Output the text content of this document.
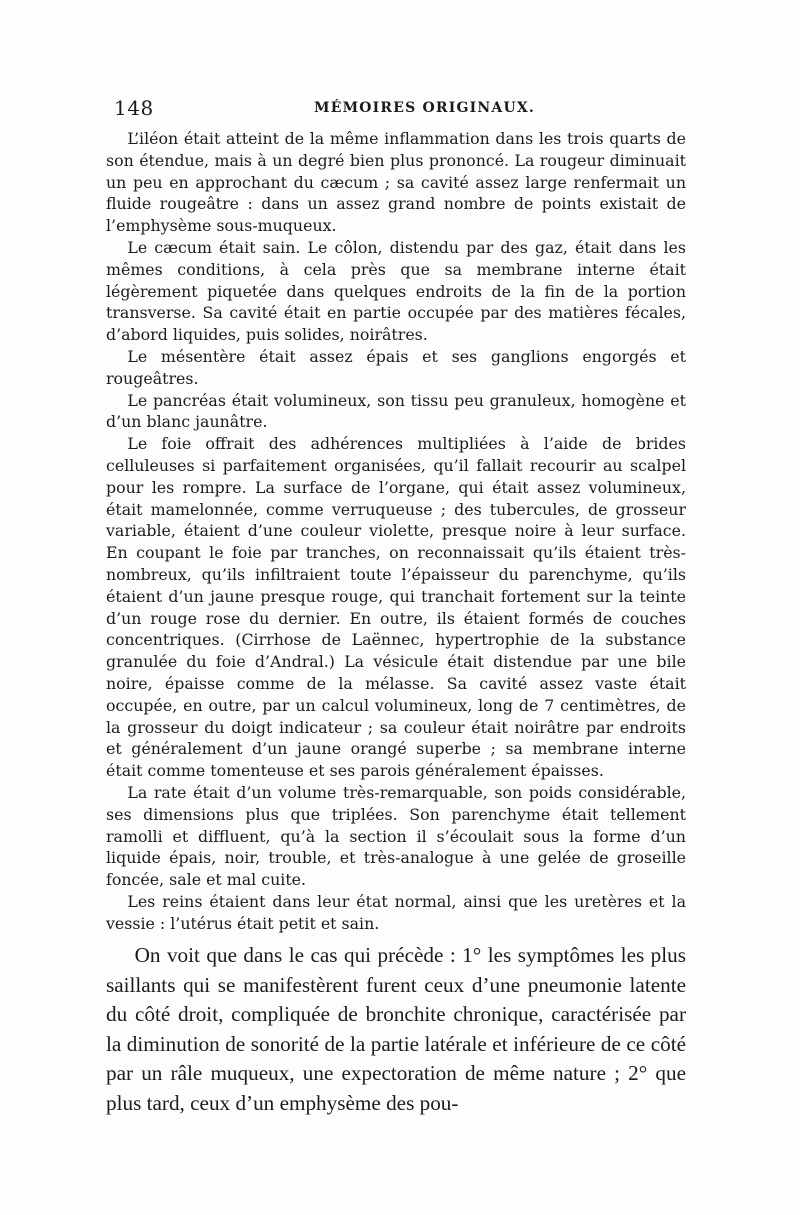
148	MÉMOIRES ORIGINAUX.

L’iléon était atteint de la même inflammation dans les trois quarts de son étendue, mais à un degré bien plus prononcé. La rougeur diminuait un peu en approchant du cæcum ; sa cavité assez large renfermait un fluide rougeâtre : dans un assez grand nombre de points existait de l’emphysème sous-muqueux.

Le cæcum était sain. Le côlon, distendu par des gaz, était dans les mêmes conditions, à cela près que sa membrane interne était légèrement piquetée dans quelques endroits de la fin de la portion transverse. Sa cavité était en partie occupée par des matières fécales, d’abord liquides, puis solides, noirâtres.

Le mésentère était assez épais et ses ganglions engorgés et rougeâtres.

Le pancréas était volumineux, son tissu peu granuleux, homogène et d’un blanc jaunâtre.

Le foie offrait des adhérences multipliées à l’aide de brides celluleuses si parfaitement organisées, qu’il fallait recourir au scalpel pour les rompre. La surface de l’organe, qui était assez volumineux, était mamelonnée, comme verruqueuse ; des tubercules, de grosseur variable, étaient d’une couleur violette, presque noire à leur surface. En coupant le foie par tranches, on reconnaissait qu’ils étaient très-nombreux, qu’ils infiltraient toute l’épaisseur du parenchyme, qu’ils étaient d’un jaune presque rouge, qui tranchait fortement sur la teinte d’un rouge rose du dernier. En outre, ils étaient formés de couches concentriques. (Cirrhose de Laënnec, hypertrophie de la substance granulée du foie d’Andral.) La vésicule était distendue par une bile noire, épaisse comme de la mélasse. Sa cavité assez vaste était occupée, en outre, par un calcul volumineux, long de 7 centimètres, de la grosseur du doigt indicateur ; sa couleur était noirâtre par endroits et généralement d’un jaune orangé superbe ; sa membrane interne était comme tomenteuse et ses parois généralement épaisses.

La rate était d’un volume très-remarquable, son poids considérable, ses dimensions plus que triplées. Son parenchyme était tellement ramolli et diffluent, qu’à la section il s’écoulait sous la forme d’un liquide épais, noir, trouble, et très-analogue à une gelée de groseille foncée, sale et mal cuite.

Les reins étaient dans leur état normal, ainsi que les uretères et la vessie : l’utérus était petit et sain.

On voit que dans le cas qui précède : 1° les symptômes les plus saillants qui se manifestèrent furent ceux d’une pneumonie latente du côté droit, compliquée de bronchite chronique, caractérisée par la diminution de sonorité de la partie latérale et inférieure de ce côté par un râle muqueux, une expectoration de même nature ; 2° que plus tard, ceux d’un emphysème des pou-
